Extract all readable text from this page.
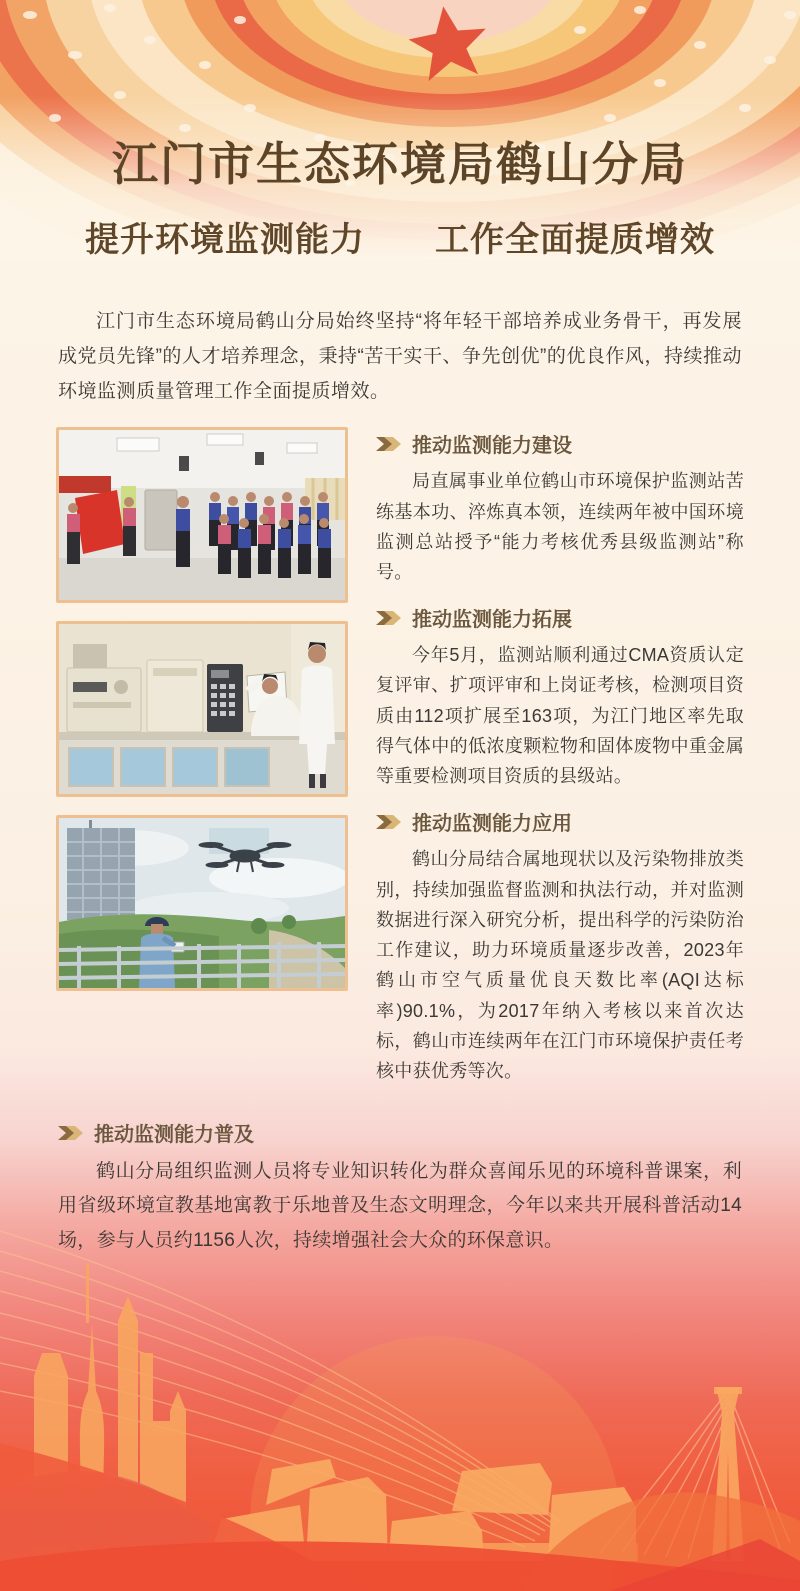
江门市生态环境局鹤山分局
提升环境监测能力　　工作全面提质增效

江门市生态环境局鹤山分局始终坚持“将年轻干部培养成业务骨干，再发展成党员先锋”的人才培养理念，秉持“苦干实干、争先创优”的优良作风，持续推动环境监测质量管理工作全面提质增效。

推动监测能力建设

局直属事业单位鹤山市环境保护监测站苦练基本功、淬炼真本领，连续两年被中国环境监测总站授予“能力考核优秀县级监测站”称号。

推动监测能力拓展

今年5月，监测站顺利通过CMA资质认定复评审、扩项评审和上岗证考核，检测项目资质由112项扩展至163项，为江门地区率先取得气体中的低浓度颗粒物和固体废物中重金属等重要检测项目资质的县级站。

推动监测能力应用

鹤山分局结合属地现状以及污染物排放类别，持续加强监督监测和执法行动，并对监测数据进行深入研究分析，提出科学的污染防治工作建议，助力环境质量逐步改善，2023年鹤山市空气质量优良天数比率(AQI达标率)90.1%，为2017年纳入考核以来首次达标，鹤山市连续两年在江门市环境保护责任考核中获优秀等次。

推动监测能力普及

鹤山分局组织监测人员将专业知识转化为群众喜闻乐见的环境科普课案，利用省级环境宣教基地寓教于乐地普及生态文明理念，今年以来共开展科普活动14场，参与人员约1156人次，持续增强社会大众的环保意识。
